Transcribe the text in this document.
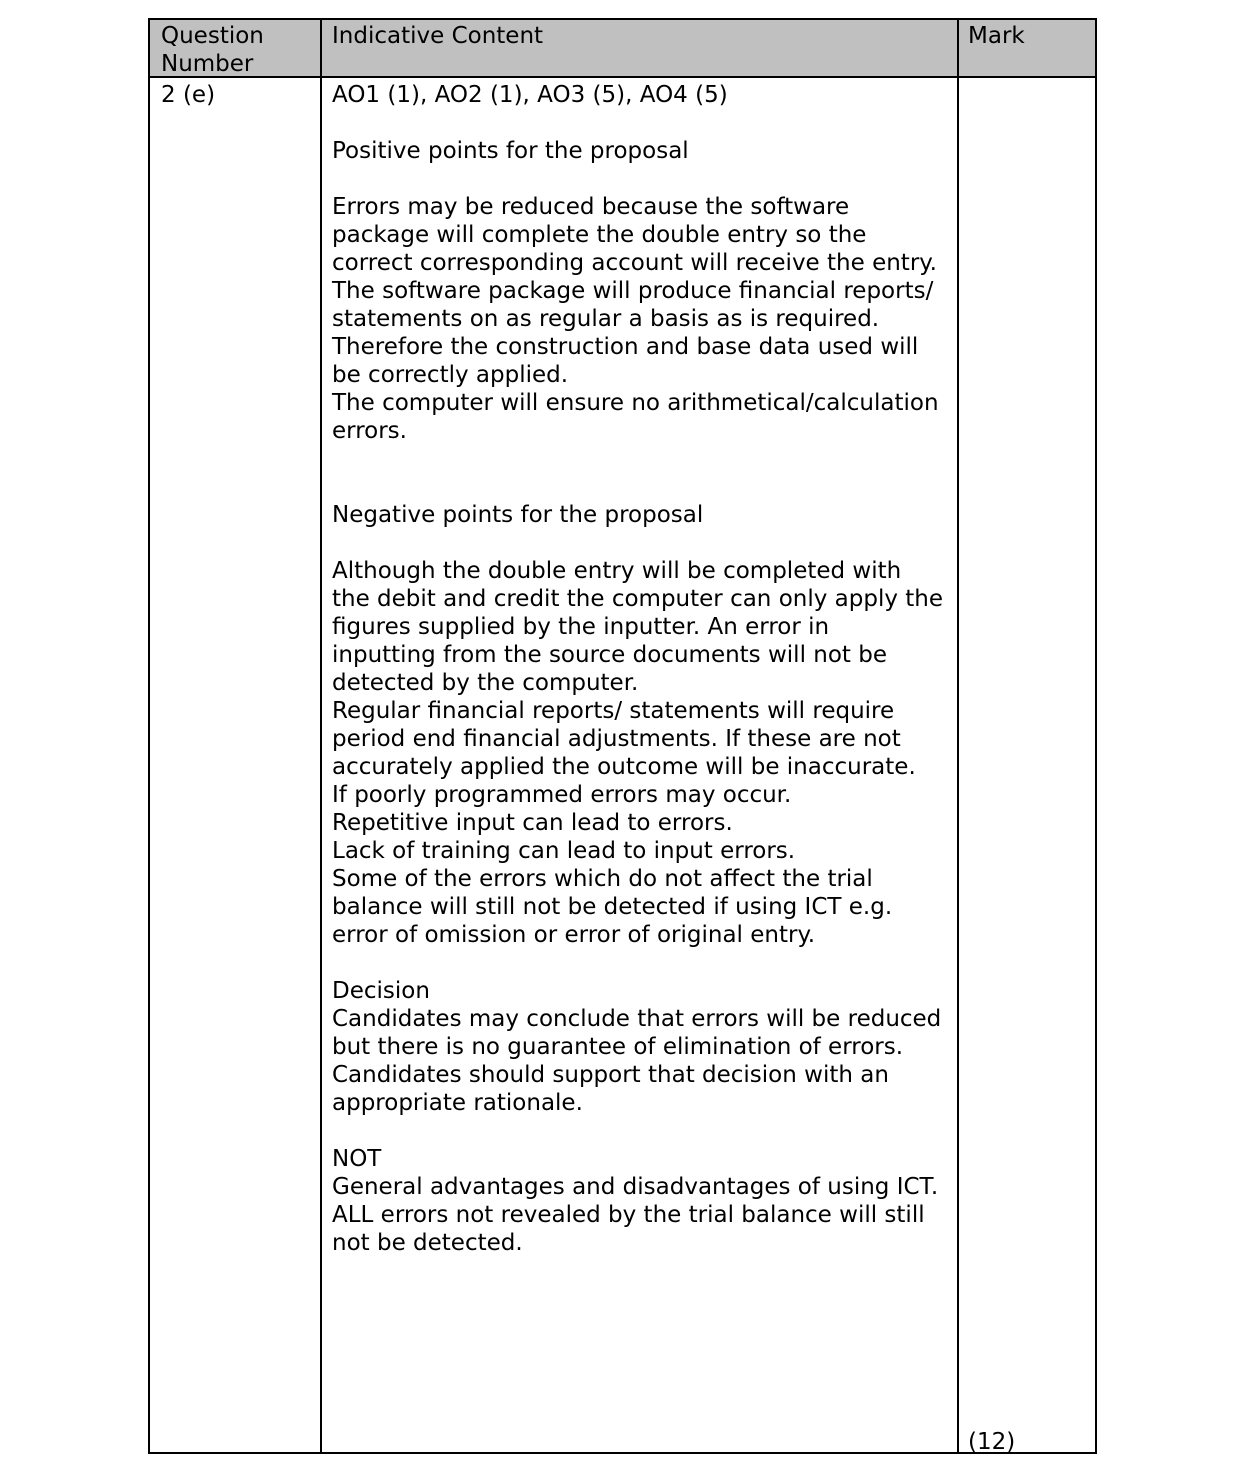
Question Number
Indicative Content	Mark
2 (e)	AO1 (1), AO2 (1), AO3 (5), AO4 (5)

Positive points for the proposal

Errors may be reduced because the software

package will complete the double entry so the

correct corresponding account will receive the entry.

The software package will produce financial reports/

statements on as regular a basis as is required.

Therefore the construction and base data used will

be correctly applied.

The computer will ensure no arithmetical/calculation

errors.

Negative points for the proposal

Although the double entry will be completed with

the debit and credit the computer can only apply the

figures supplied by the inputter. An error in

inputting from the source documents will not be

detected by the computer.

Regular financial reports/ statements will require

period end financial adjustments. If these are not

accurately applied the outcome will be inaccurate.

If poorly programmed errors may occur.

Repetitive input can lead to errors.

Lack of training can lead to input errors.

Some of the errors which do not affect the trial

balance will still not be detected if using ICT e.g.

error of omission or error of original entry.

Decision

Candidates may conclude that errors will be reduced

but there is no guarantee of elimination of errors.

Candidates should support that decision with an

appropriate rationale.

NOT

General advantages and disadvantages of using ICT.

ALL errors not revealed by the trial balance will still

not be detected.

(12)
